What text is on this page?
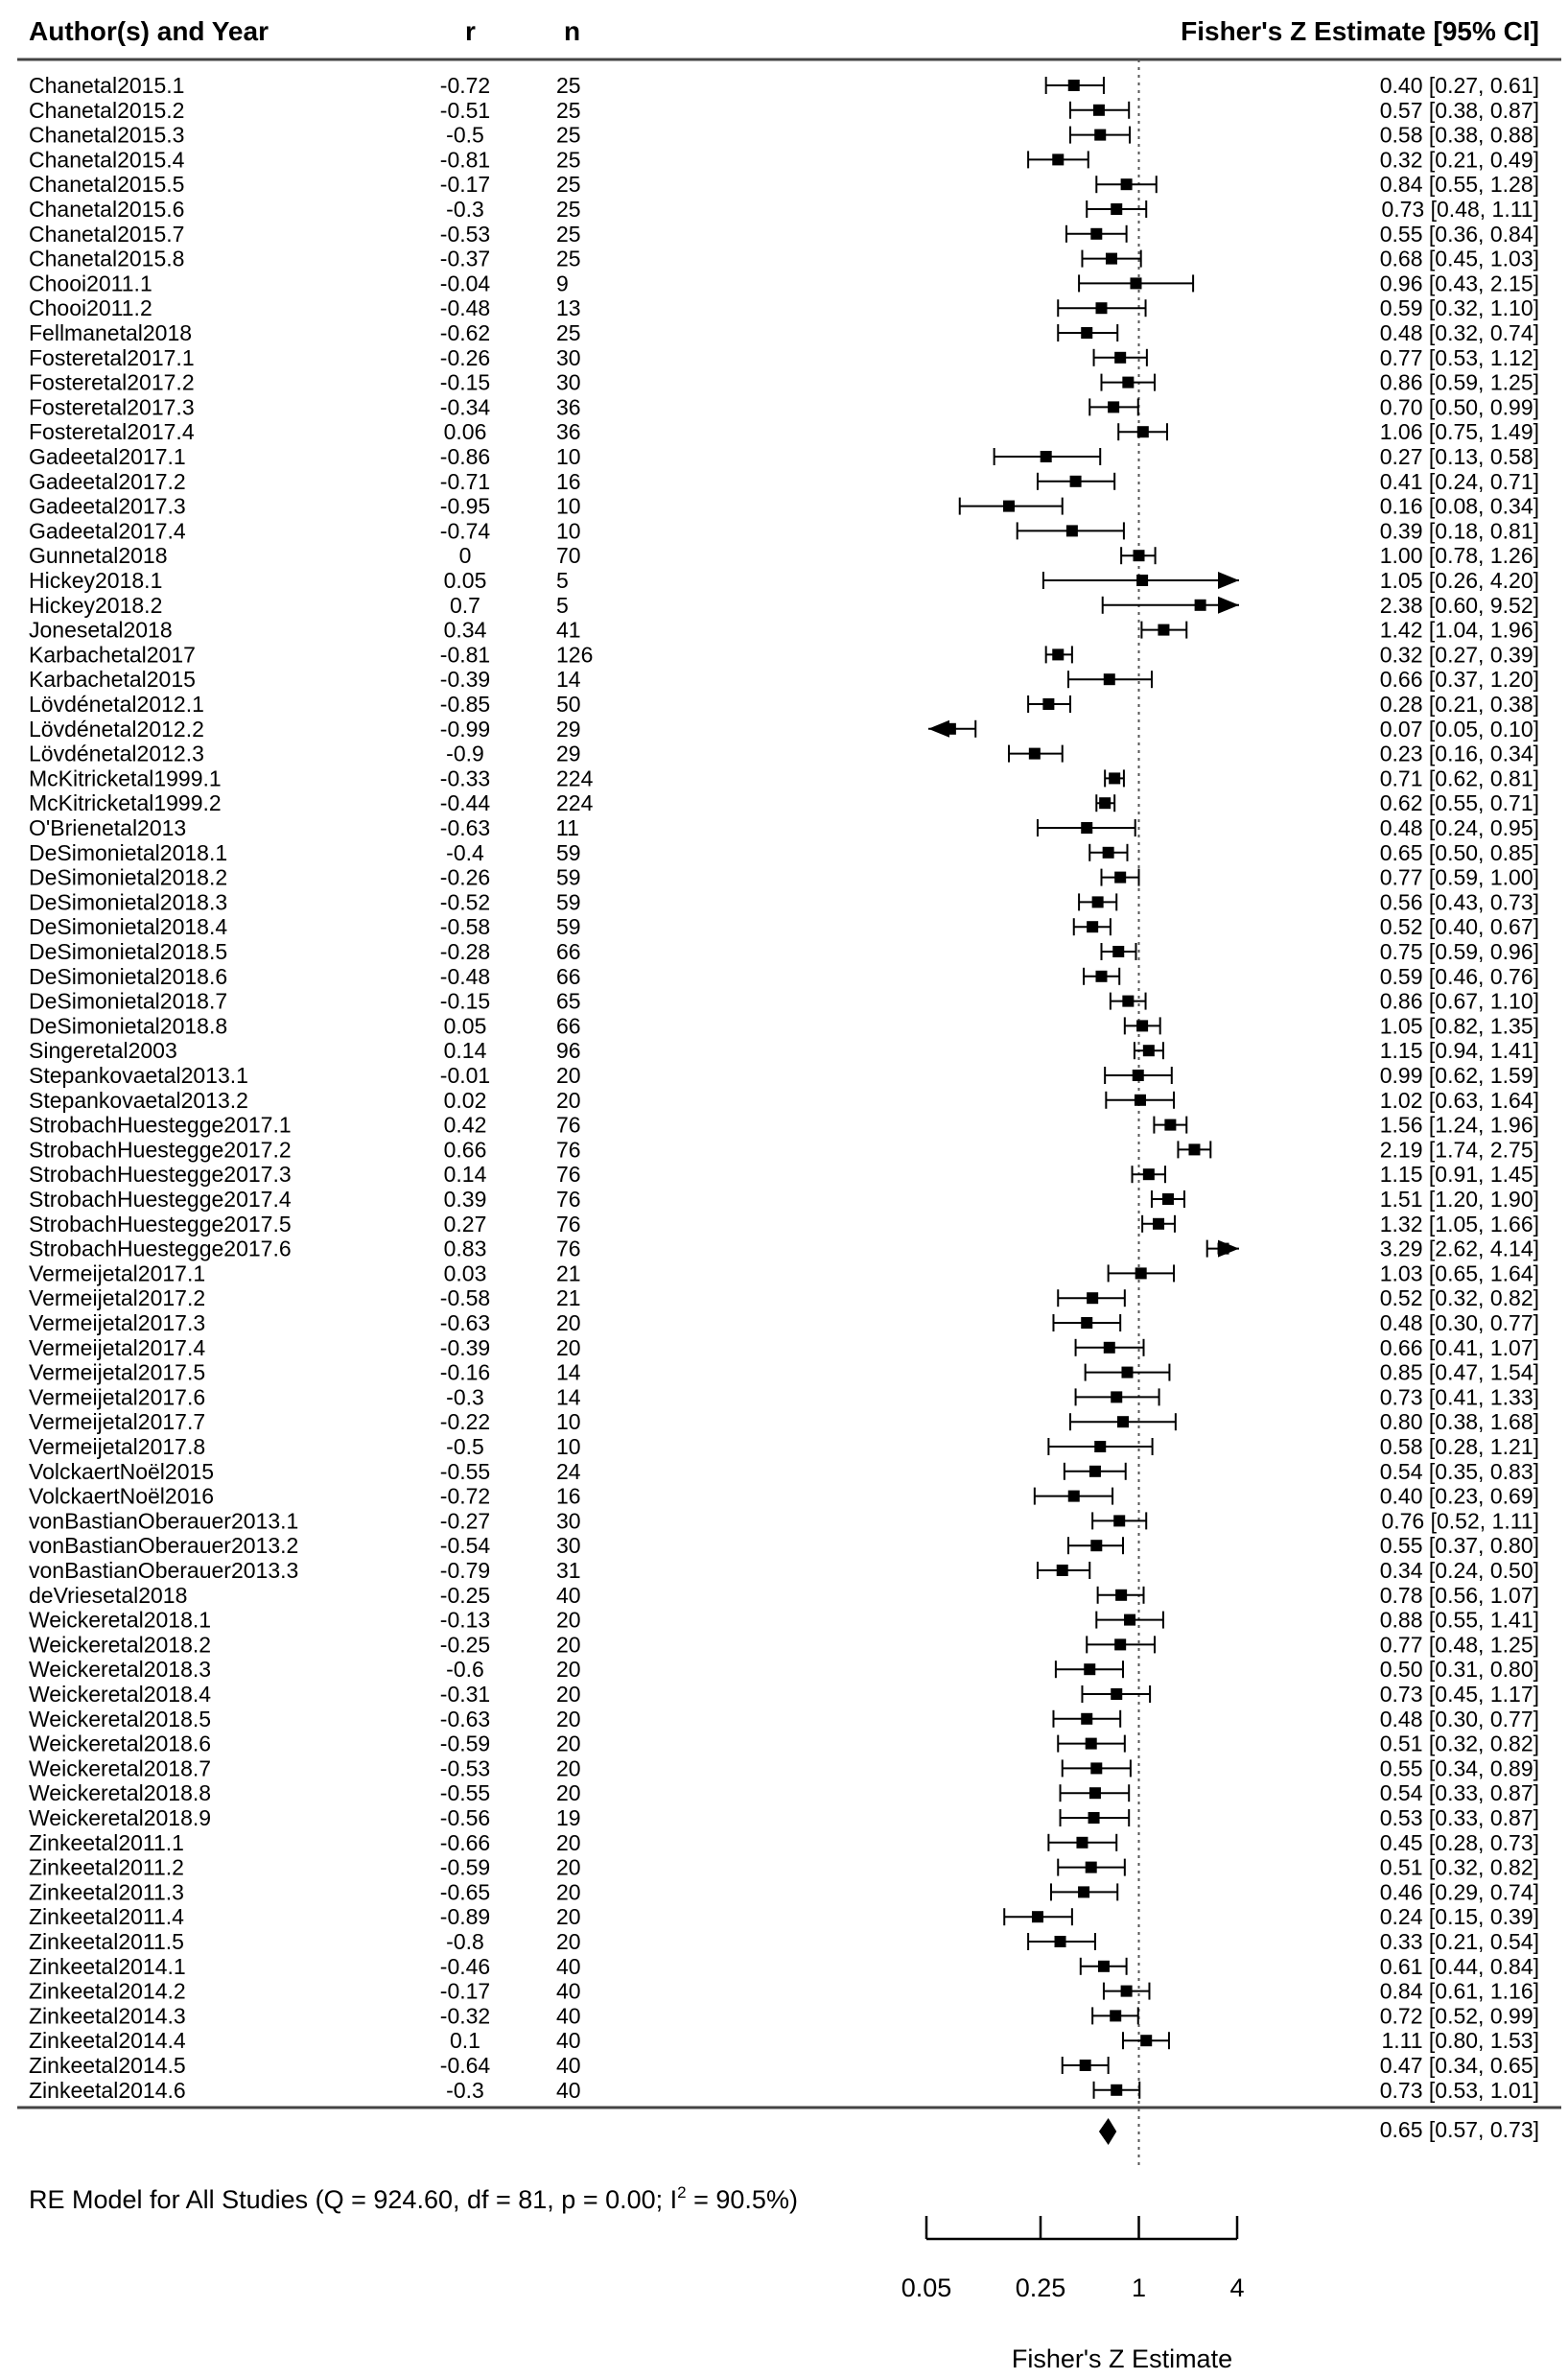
Author(s) and Year	r	n	Fisher's Z Estimate [95% CI]
Chanetal2015.1	-0.72	25	0.40 [0.27, 0.61]
Chanetal2015.2	-0.51	25	0.57 [0.38, 0.87]
Chanetal2015.3	-0.5	25	0.58 [0.38, 0.88]
Chanetal2015.4	-0.81	25	0.32 [0.21, 0.49]
Chanetal2015.5	-0.17	25	0.84 [0.55, 1.28]
Chanetal2015.6	-0.3	25	0.73 [0.48, 1.11]
Chanetal2015.7	-0.53	25	0.55 [0.36, 0.84]
Chanetal2015.8	-0.37	25	0.68 [0.45, 1.03]
Chooi2011.1	-0.04	9	0.96 [0.43, 2.15]
Chooi2011.2	-0.48	13	0.59 [0.32, 1.10]
Fellmanetal2018	-0.62	25	0.48 [0.32, 0.74]
Fosteretal2017.1	-0.26	30	0.77 [0.53, 1.12]
Fosteretal2017.2	-0.15	30	0.86 [0.59, 1.25]
Fosteretal2017.3	-0.34	36	0.70 [0.50, 0.99]
Fosteretal2017.4	0.06	36	1.06 [0.75, 1.49]
Gadeetal2017.1	-0.86	10	0.27 [0.13, 0.58]
Gadeetal2017.2	-0.71	16	0.41 [0.24, 0.71]
Gadeetal2017.3	-0.95	10	0.16 [0.08, 0.34]
Gadeetal2017.4	-0.74	10	0.39 [0.18, 0.81]
Gunnetal2018	0	70	1.00 [0.78, 1.26]
Hickey2018.1	0.05	5	1.05 [0.26, 4.20]
Hickey2018.2	0.7	5	2.38 [0.60, 9.52]
Jonesetal2018	0.34	41	1.42 [1.04, 1.96]
Karbachetal2017	-0.81	126	0.32 [0.27, 0.39]
Karbachetal2015	-0.39	14	0.66 [0.37, 1.20]
Lövdénetal2012.1	-0.85	50	0.28 [0.21, 0.38]
Lövdénetal2012.2	-0.99	29	0.07 [0.05, 0.10]
Lövdénetal2012.3	-0.9	29	0.23 [0.16, 0.34]
McKitricketal1999.1	-0.33	224	0.71 [0.62, 0.81]
McKitricketal1999.2	-0.44	224	0.62 [0.55, 0.71]
O'Brienetal2013	-0.63	11	0.48 [0.24, 0.95]
DeSimonietal2018.1	-0.4	59	0.65 [0.50, 0.85]
DeSimonietal2018.2	-0.26	59	0.77 [0.59, 1.00]
DeSimonietal2018.3	-0.52	59	0.56 [0.43, 0.73]
DeSimonietal2018.4	-0.58	59	0.52 [0.40, 0.67]
DeSimonietal2018.5	-0.28	66	0.75 [0.59, 0.96]
DeSimonietal2018.6	-0.48	66	0.59 [0.46, 0.76]
DeSimonietal2018.7	-0.15	65	0.86 [0.67, 1.10]
DeSimonietal2018.8	0.05	66	1.05 [0.82, 1.35]
Singeretal2003	0.14	96	1.15 [0.94, 1.41]
Stepankovaetal2013.1	-0.01	20	0.99 [0.62, 1.59]
Stepankovaetal2013.2	0.02	20	1.02 [0.63, 1.64]
StrobachHuestegge2017.1	0.42	76	1.56 [1.24, 1.96]
StrobachHuestegge2017.2	0.66	76	2.19 [1.74, 2.75]
StrobachHuestegge2017.3	0.14	76	1.15 [0.91, 1.45]
StrobachHuestegge2017.4	0.39	76	1.51 [1.20, 1.90]
StrobachHuestegge2017.5	0.27	76	1.32 [1.05, 1.66]
StrobachHuestegge2017.6	0.83	76	3.29 [2.62, 4.14]
Vermeijetal2017.1	0.03	21	1.03 [0.65, 1.64]
Vermeijetal2017.2	-0.58	21	0.52 [0.32, 0.82]
Vermeijetal2017.3	-0.63	20	0.48 [0.30, 0.77]
Vermeijetal2017.4	-0.39	20	0.66 [0.41, 1.07]
Vermeijetal2017.5	-0.16	14	0.85 [0.47, 1.54]
Vermeijetal2017.6	-0.3	14	0.73 [0.41, 1.33]
Vermeijetal2017.7	-0.22	10	0.80 [0.38, 1.68]
Vermeijetal2017.8	-0.5	10	0.58 [0.28, 1.21]
VolckaertNoël2015	-0.55	24	0.54 [0.35, 0.83]
VolckaertNoël2016	-0.72	16	0.40 [0.23, 0.69]
vonBastianOberauer2013.1	-0.27	30	0.76 [0.52, 1.11]
vonBastianOberauer2013.2	-0.54	30	0.55 [0.37, 0.80]
vonBastianOberauer2013.3	-0.79	31	0.34 [0.24, 0.50]
deVriesetal2018	-0.25	40	0.78 [0.56, 1.07]
Weickeretal2018.1	-0.13	20	0.88 [0.55, 1.41]
Weickeretal2018.2	-0.25	20	0.77 [0.48, 1.25]
Weickeretal2018.3	-0.6	20	0.50 [0.31, 0.80]
Weickeretal2018.4	-0.31	20	0.73 [0.45, 1.17]
Weickeretal2018.5	-0.63	20	0.48 [0.30, 0.77]
Weickeretal2018.6	-0.59	20	0.51 [0.32, 0.82]
Weickeretal2018.7	-0.53	20	0.55 [0.34, 0.89]
Weickeretal2018.8	-0.55	20	0.54 [0.33, 0.87]
Weickeretal2018.9	-0.56	19	0.53 [0.33, 0.87]
Zinkeetal2011.1	-0.66	20	0.45 [0.28, 0.73]
Zinkeetal2011.2	-0.59	20	0.51 [0.32, 0.82]
Zinkeetal2011.3	-0.65	20	0.46 [0.29, 0.74]
Zinkeetal2011.4	-0.89	20	0.24 [0.15, 0.39]
Zinkeetal2011.5	-0.8	20	0.33 [0.21, 0.54]
Zinkeetal2014.1	-0.46	40	0.61 [0.44, 0.84]
Zinkeetal2014.2	-0.17	40	0.84 [0.61, 1.16]
Zinkeetal2014.3	-0.32	40	0.72 [0.52, 0.99]
Zinkeetal2014.4	0.1	40	1.11 [0.80, 1.53]
Zinkeetal2014.5	-0.64	40	0.47 [0.34, 0.65]
Zinkeetal2014.6	-0.3	40	0.73 [0.53, 1.01]
0.65 [0.57, 0.73]
RE Model for All Studies (Q = 924.60, df = 81, p = 0.00; $I^2 = 90.5\%$)
0.05 0.25	1	4
Fisher's Z Estimate
